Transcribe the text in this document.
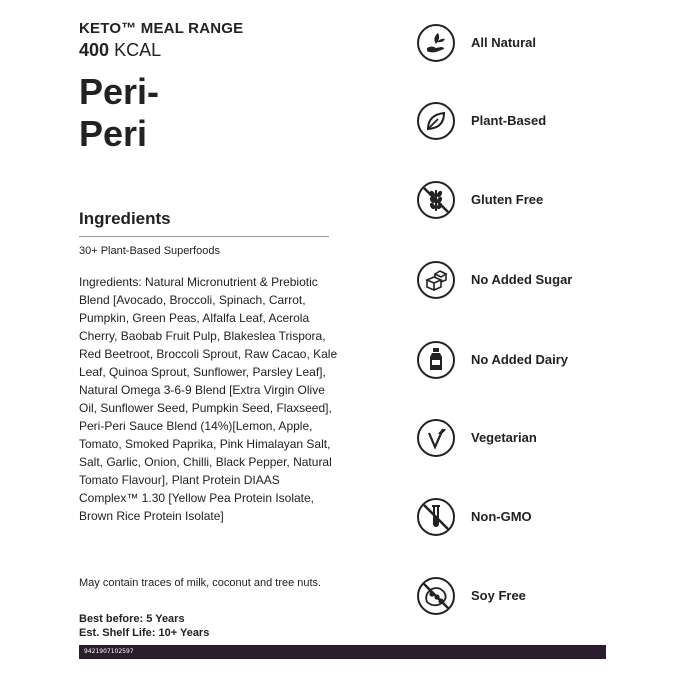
KETO™ MEAL RANGE
400 KCAL
Peri-Peri
Ingredients
30+ Plant-Based Superfoods
Ingredients: Natural Micronutrient & Prebiotic Blend [Avocado, Broccoli, Spinach, Carrot, Pumpkin, Green Peas, Alfalfa Leaf, Acerola Cherry, Baobab Fruit Pulp, Blakeslea Trispora, Red Beetroot, Broccoli Sprout, Raw Cacao, Kale Leaf, Quinoa Sprout, Sunflower, Parsley Leaf], Natural Omega 3-6-9 Blend [Extra Virgin Olive Oil, Sunflower Seed, Pumpkin Seed, Flaxseed], Peri-Peri Sauce Blend (14%)[Lemon, Apple, Tomato, Smoked Paprika, Pink Himalayan Salt, Salt, Garlic, Onion, Chilli, Black Pepper, Natural Tomato Flavour], Plant Protein DIAAS Complex™ 1.30 [Yellow Pea Protein Isolate, Brown Rice Protein Isolate]
May contain traces of milk, coconut and tree nuts.
Best before: 5 Years
Est. Shelf Life: 10+ Years
9421907102597
All Natural
Plant-Based
Gluten Free
No Added Sugar
No Added Dairy
Vegetarian
Non-GMO
Soy Free
